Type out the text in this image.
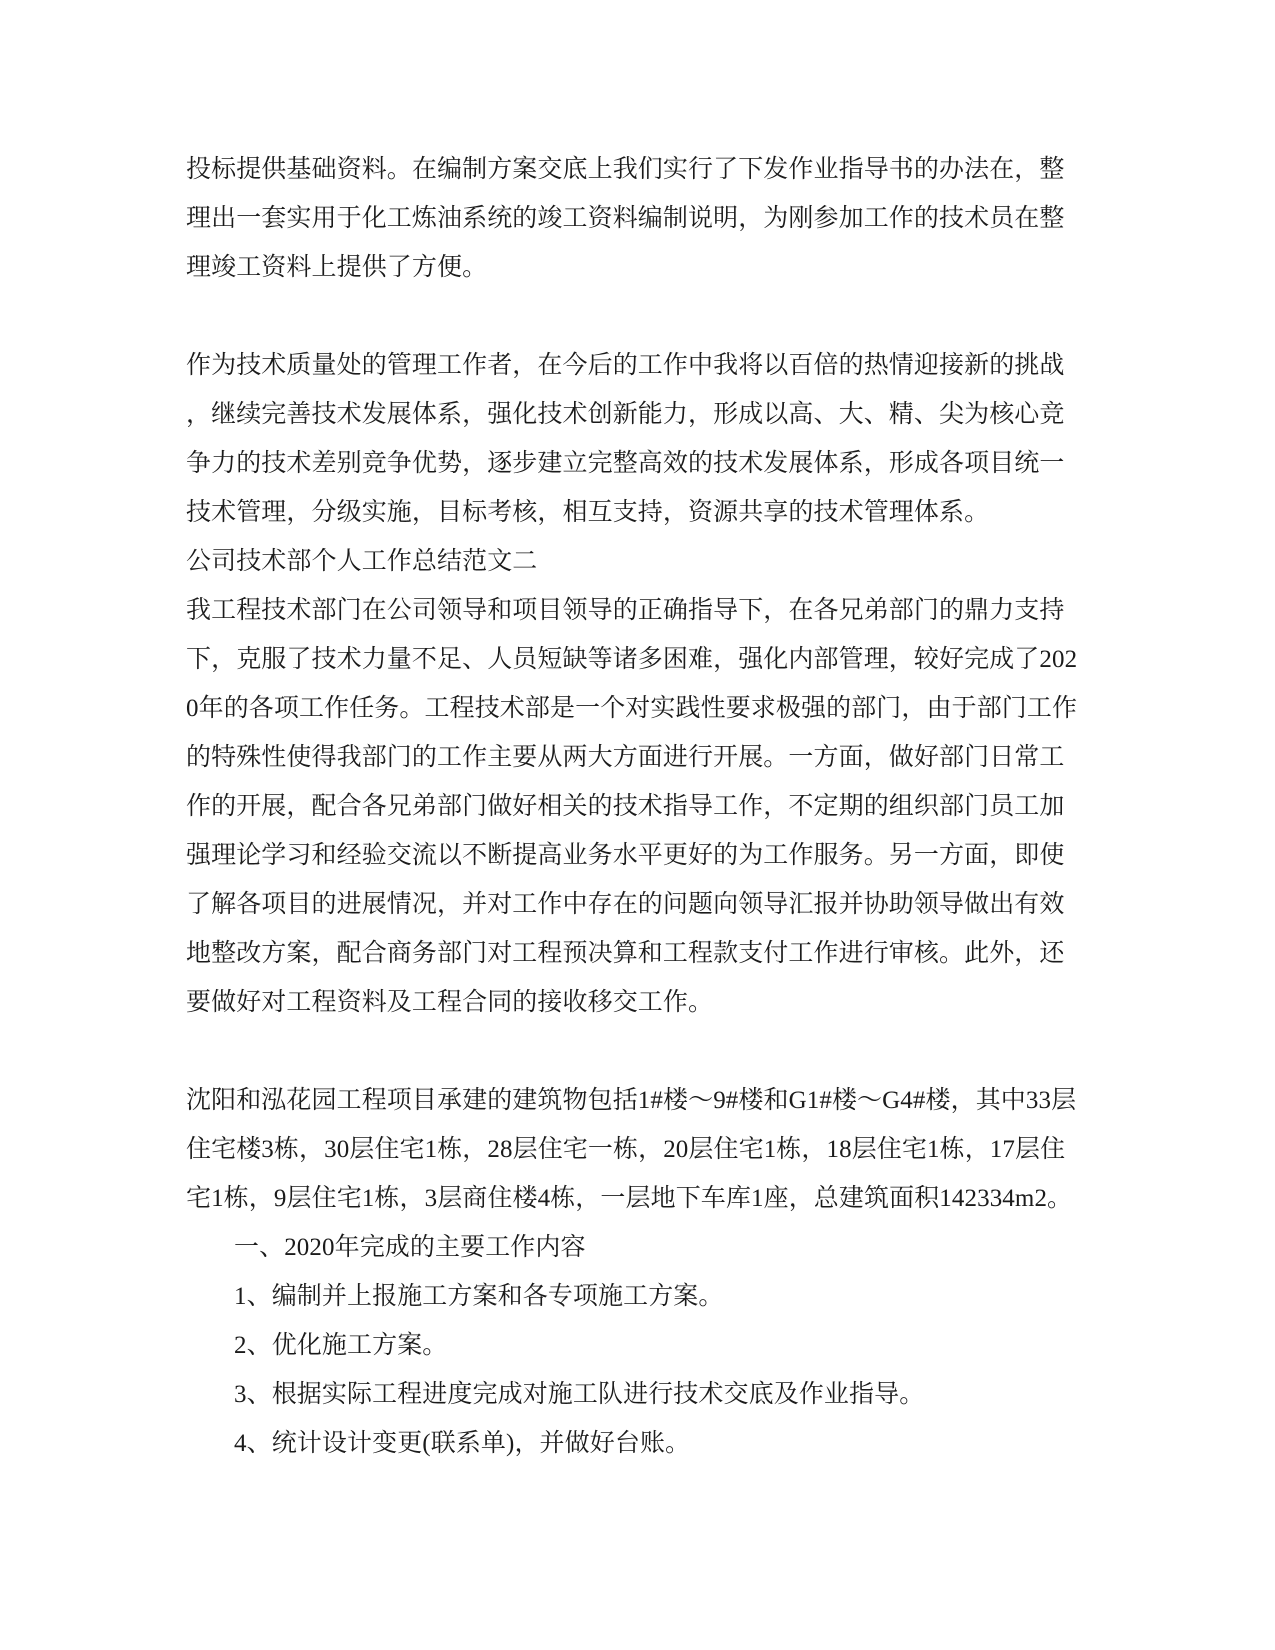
投标提供基础资料。在编制方案交底上我们实行了下发作业指导书的办法在，整
理出一套实用于化工炼油系统的竣工资料编制说明，为刚参加工作的技术员在整
理竣工资料上提供了方便。
作为技术质量处的管理工作者，在今后的工作中我将以百倍的热情迎接新的挑战
，继续完善技术发展体系，强化技术创新能力，形成以高、大、精、尖为核心竞
争力的技术差别竞争优势，逐步建立完整高效的技术发展体系，形成各项目统一
技术管理，分级实施，目标考核，相互支持，资源共享的技术管理体系。
公司技术部个人工作总结范文二
我工程技术部门在公司领导和项目领导的正确指导下，在各兄弟部门的鼎力支持
下，克服了技术力量不足、人员短缺等诸多困难，强化内部管理，较好完成了202
0年的各项工作任务。工程技术部是一个对实践性要求极强的部门，由于部门工作
的特殊性使得我部门的工作主要从两大方面进行开展。一方面，做好部门日常工
作的开展，配合各兄弟部门做好相关的技术指导工作，不定期的组织部门员工加
强理论学习和经验交流以不断提高业务水平更好的为工作服务。另一方面，即使
了解各项目的进展情况，并对工作中存在的问题向领导汇报并协助领导做出有效
地整改方案，配合商务部门对工程预决算和工程款支付工作进行审核。此外，还
要做好对工程资料及工程合同的接收移交工作。
沈阳和泓花园工程项目承建的建筑物包括1#楼～9#楼和G1#楼～G4#楼，其中33层
住宅楼3栋，30层住宅1栋，28层住宅一栋，20层住宅1栋，18层住宅1栋，17层住
宅1栋，9层住宅1栋，3层商住楼4栋，一层地下车库1座，总建筑面积142334m2。
一、2020年完成的主要工作内容
1、编制并上报施工方案和各专项施工方案。
2、优化施工方案。
3、根据实际工程进度完成对施工队进行技术交底及作业指导。
4、统计设计变更(联系单)，并做好台账。
